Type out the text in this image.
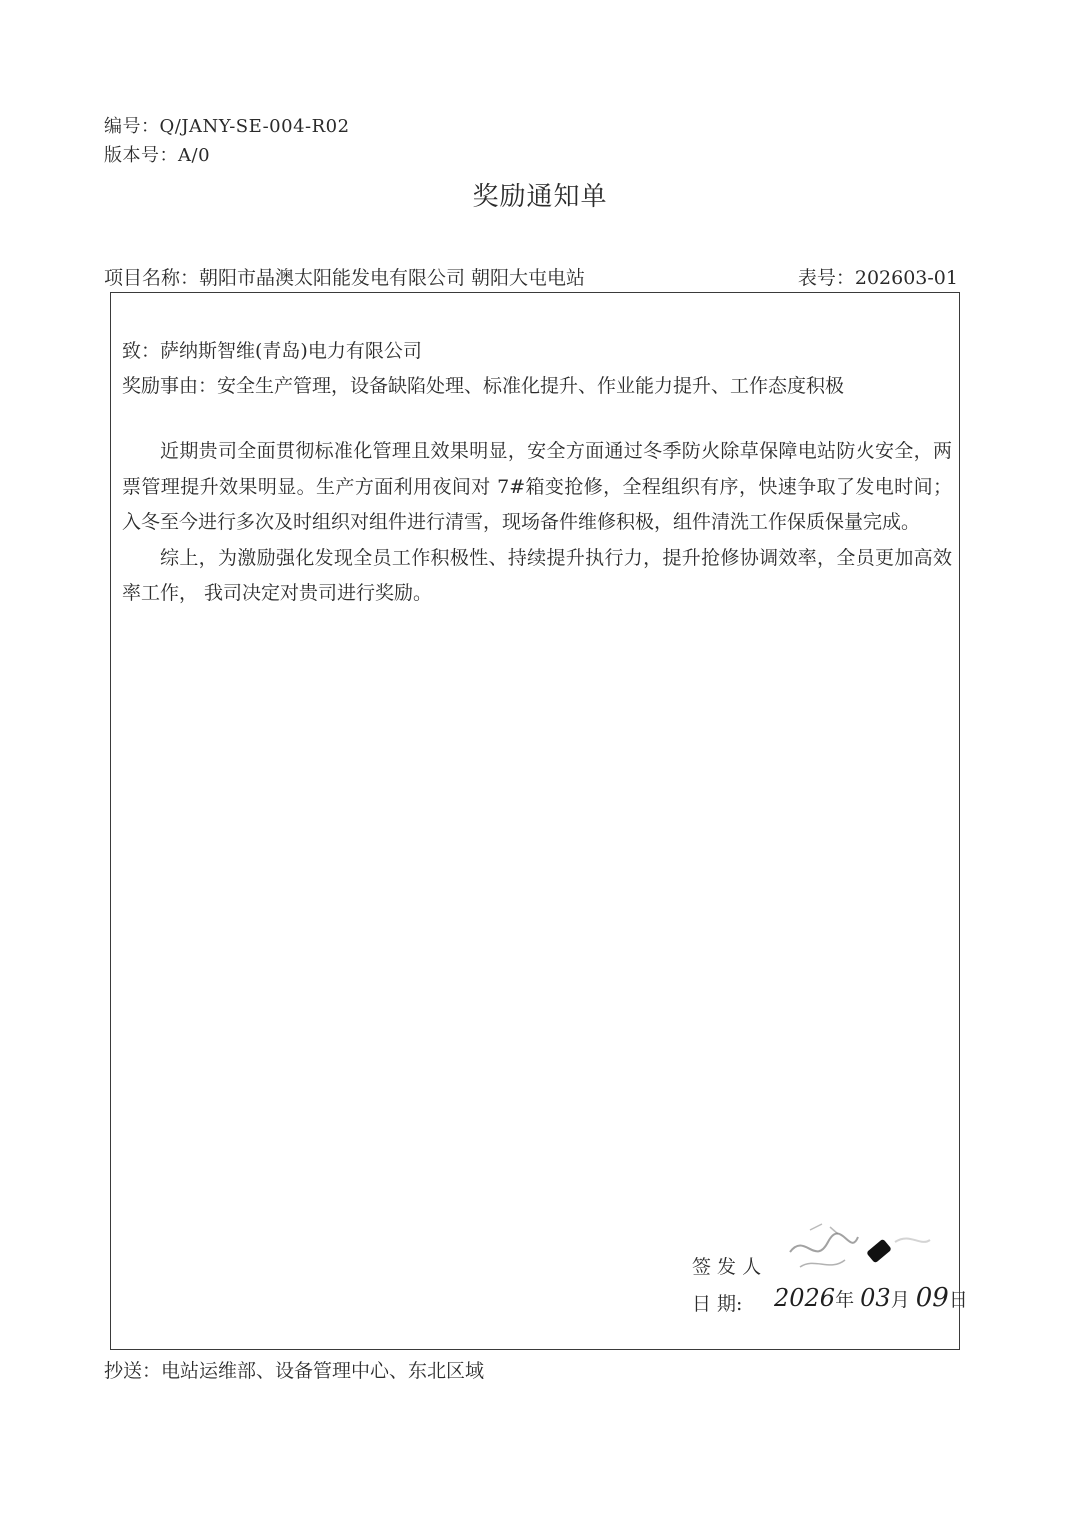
编号：Q/JANY-SE-004-R02
版本号：A/0
奖励通知单
项目名称：朝阳市晶澳太阳能发电有限公司 朝阳大屯电站	表号：202603-01
致：萨纳斯智维(青岛)电力有限公司
奖励事由：安全生产管理，设备缺陷处理、标准化提升、作业能力提升、工作态度积极

近期贵司全面贯彻标准化管理且效果明显，安全方面通过冬季防火除草保障电站防火安全，两票管理提升效果明显。生产方面利用夜间对 7#箱变抢修，全程组织有序，快速争取了发电时间；入冬至今进行多次及时组织对组件进行清雪，现场备件维修积极，组件清洗工作保质保量完成。

综上，为激励强化发现全员工作积极性、持续提升执行力，提升抢修协调效率，全员更加高效率工作， 我司决定对贵司进行奖励。

签 发 人
日 期: 2026年 03月 09日
抄送：电站运维部、设备管理中心、东北区域
